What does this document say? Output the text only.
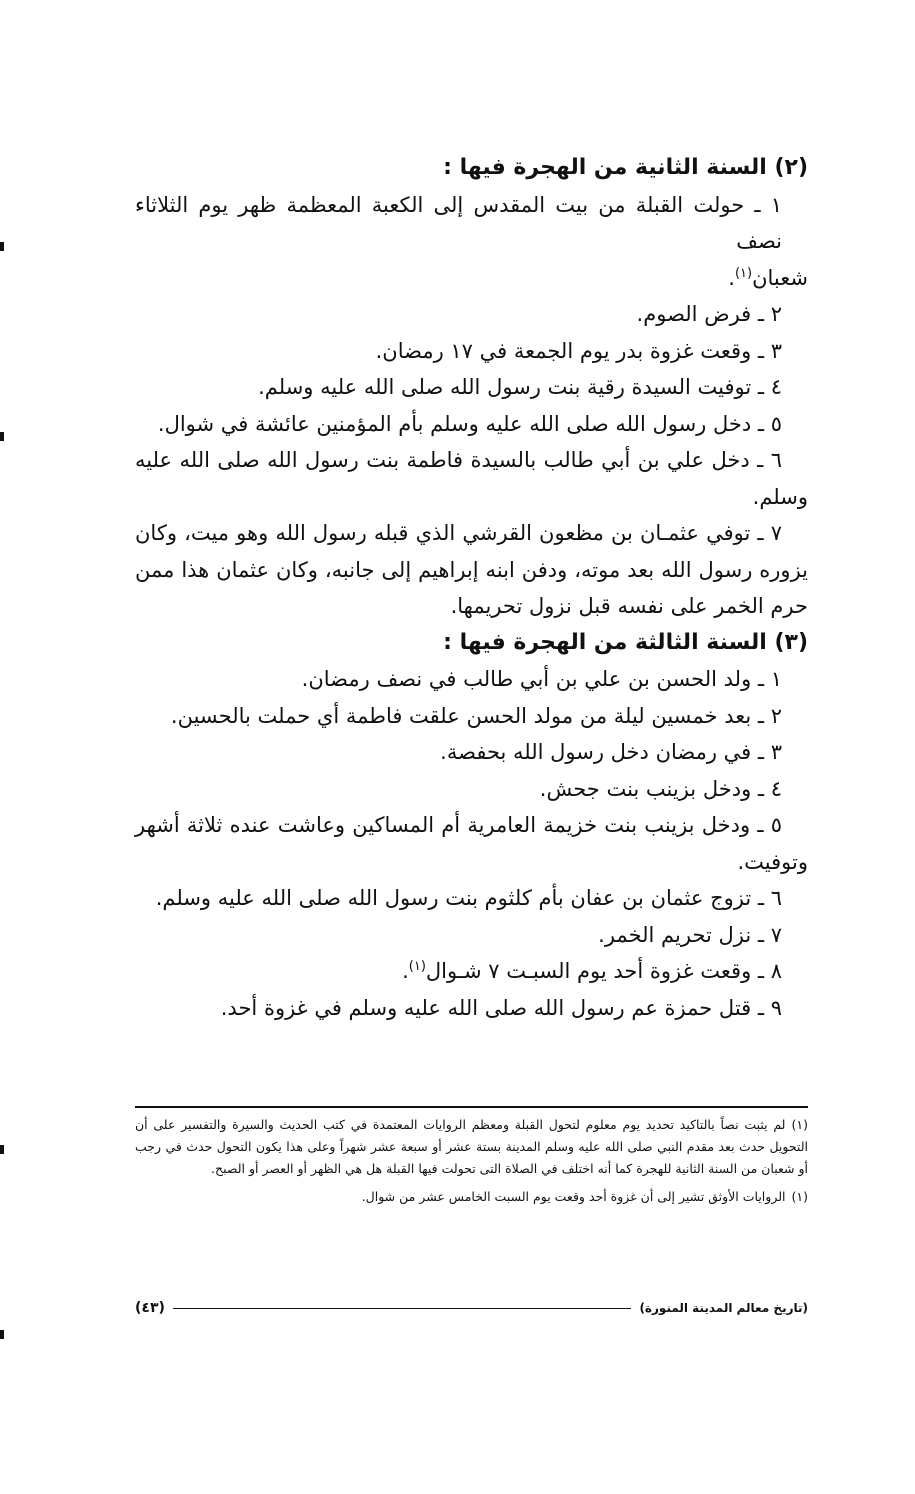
(٢) السنة الثانية من الهجرة فيها :

١ ـ حولت القبلة من بيت المقدس إلى الكعبة المعظمة ظهر يوم الثلاثاء نصف

شعبان$^{(١)}$.

٢ ـ فرض الصوم.

٣ ـ وقعت غزوة بدر يوم الجمعة في ١٧ رمضان.

٤ ـ توفيت السيدة رقية بنت رسول الله صلى الله عليه وسلم.

٥ ـ دخل رسول الله صلى الله عليه وسلم بأم المؤمنين عائشة في شوال.

٦ ـ دخل علي بن أبي طالب بالسيدة فاطمة بنت رسول الله صلى الله عليه

وسلم.

٧ ـ توفي عثمـان بن مظعون القرشي الذي قبله رسول الله وهو ميت، وكان

يزوره رسول الله بعد موته، ودفن ابنه إبراهيم إلى جانبه، وكان عثمان هذا ممن

حرم الخمر على نفسه قبل نزول تحريمها.

(٣) السنة الثالثة من الهجرة فيها :

١ ـ ولد الحسن بن علي بن أبي طالب في نصف رمضان.

٢ ـ بعد خمسين ليلة من مولد الحسن علقت فاطمة أي حملت بالحسين.

٣ ـ في رمضان دخل رسول الله بحفصة.

٤ ـ ودخل بزينب بنت جحش.

٥ ـ ودخل بزينب بنت خزيمة العامرية أم المساكين وعاشت عنده ثلاثة أشهر

وتوفيت.

٦ ـ تزوج عثمان بن عفان بأم كلثوم بنت رسول الله صلى الله عليه وسلم.

٧ ـ نزل تحريم الخمر.

٨ ـ وقعت غزوة أحد يوم السبـت ٧ شـوال$^{(١)}$.

٩ ـ قتل حمزة عم رسول الله صلى الله عليه وسلم في غزوة أحد.

(١)لم يثبت نصاً بالتاكيد تحديد يوم معلوم لتحول القبلة ومعظم الروايات المعتمدة في كتب الحديث والسيرة والتفسير على أن التحويل حدث بعد مقدم النبي صلى الله عليه وسلم المدينة بستة عشر أو سبعة عشر شهراً وعلى هذا يكون التحول حدث في رجب أو شعبان من السنة الثانية للهجرة كما أنه اختلف في الصلاة التى تحولت فيها القبلة هل هي الظهر أو العصر أو الصبح.

(١)الروايات الأوثق تشير إلى أن غزوة أحد وقعت يوم السبت الخامس عشر من شوال.

(تاريخ معالم المدينة المنورة)
(٤٣)
